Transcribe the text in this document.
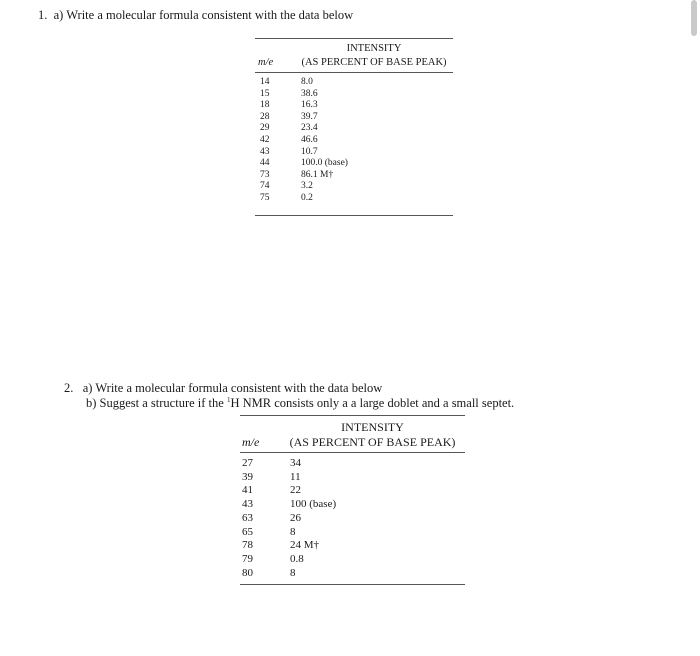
1. a) Write a molecular formula consistent with the data below
INTENSITY
m/e	(AS PERCENT OF BASE PEAK)
14	8.0
15	38.6
18	16.3
28	39.7
29	23.4
42	46.6
43	10.7
44	100.0 (base)
73	86.1 M†
74	3.2
75	0.2
2. a) Write a molecular formula consistent with the data below
b) Suggest a structure if the $^1$H NMR consists only a a large doblet and a small septet.
INTENSITY
m/e	(AS PERCENT OF BASE PEAK)
27	34
39	11
41	22
43	100 (base)
63	26
65	8
78	24 M†
79	0.8
80	8
